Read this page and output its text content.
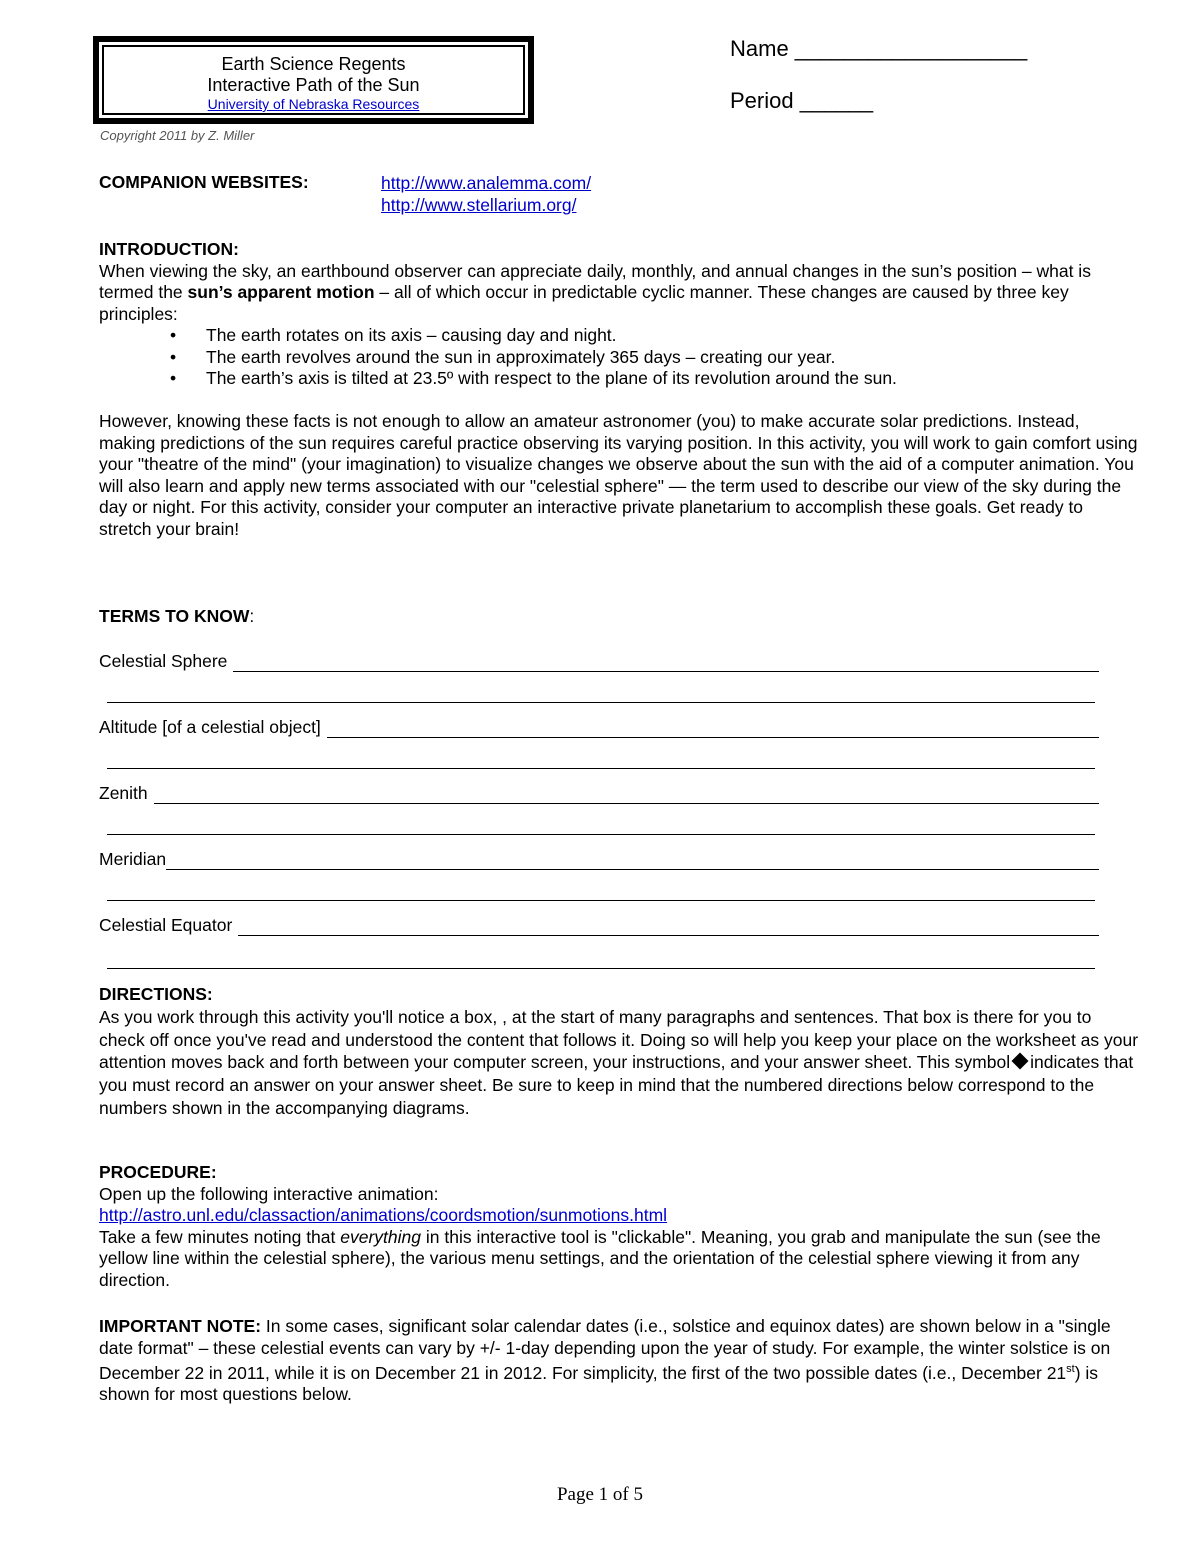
Earth Science Regents
Interactive Path of the Sun
University of Nebraska Resources
Copyright 2011 by Z. Miller
Name ___________________
Period ______
COMPANION WEBSITES:	http://www.analemma.com/
http://www.stellarium.org/
INTRODUCTION:
When viewing the sky, an earthbound observer can appreciate daily, monthly, and annual changes in the sun’s position – what is termed the sun’s apparent motion – all of which occur in predictable cyclic manner. These changes are caused by three key principles:
• The earth rotates on its axis – causing day and night.
• The earth revolves around the sun in approximately 365 days – creating our year.
• The earth’s axis is tilted at 23.5º with respect to the plane of its revolution around the sun.
However, knowing these facts is not enough to allow an amateur astronomer (you) to make accurate solar predictions. Instead, making predictions of the sun requires careful practice observing its varying position. In this activity, you will work to gain comfort using your "theatre of the mind" (your imagination) to visualize changes we observe about the sun with the aid of a computer animation. You will also learn and apply new terms associated with our "celestial sphere" — the term used to describe our view of the sky during the day or night. For this activity, consider your computer an interactive private planetarium to accomplish these goals. Get ready to stretch your brain!
TERMS TO KNOW:
Celestial Sphere
Altitude [of a celestial object]
Zenith
Meridian
Celestial Equator
DIRECTIONS:
As you work through this activity you'll notice a box, , at the start of many paragraphs and sentences. That box is there for you to check off once you've read and understood the content that follows it. Doing so will help you keep your place on the worksheet as your attention moves back and forth between your computer screen, your instructions, and your answer sheet. This symbol indicates that you must record an answer on your answer sheet. Be sure to keep in mind that the numbered directions below correspond to the numbers shown in the accompanying diagrams.
PROCEDURE:
Open up the following interactive animation:
http://astro.unl.edu/classaction/animations/coordsmotion/sunmotions.html
Take a few minutes noting that everything in this interactive tool is "clickable". Meaning, you grab and manipulate the sun (see the yellow line within the celestial sphere), the various menu settings, and the orientation of the celestial sphere viewing it from any direction.
IMPORTANT NOTE: In some cases, significant solar calendar dates (i.e., solstice and equinox dates) are shown below in a "single date format" – these celestial events can vary by +/- 1-day depending upon the year of study. For example, the winter solstice is on December 22 in 2011, while it is on December 21 in 2012. For simplicity, the first of the two possible dates (i.e., December 21st) is shown for most questions below.
Page 1 of 5
